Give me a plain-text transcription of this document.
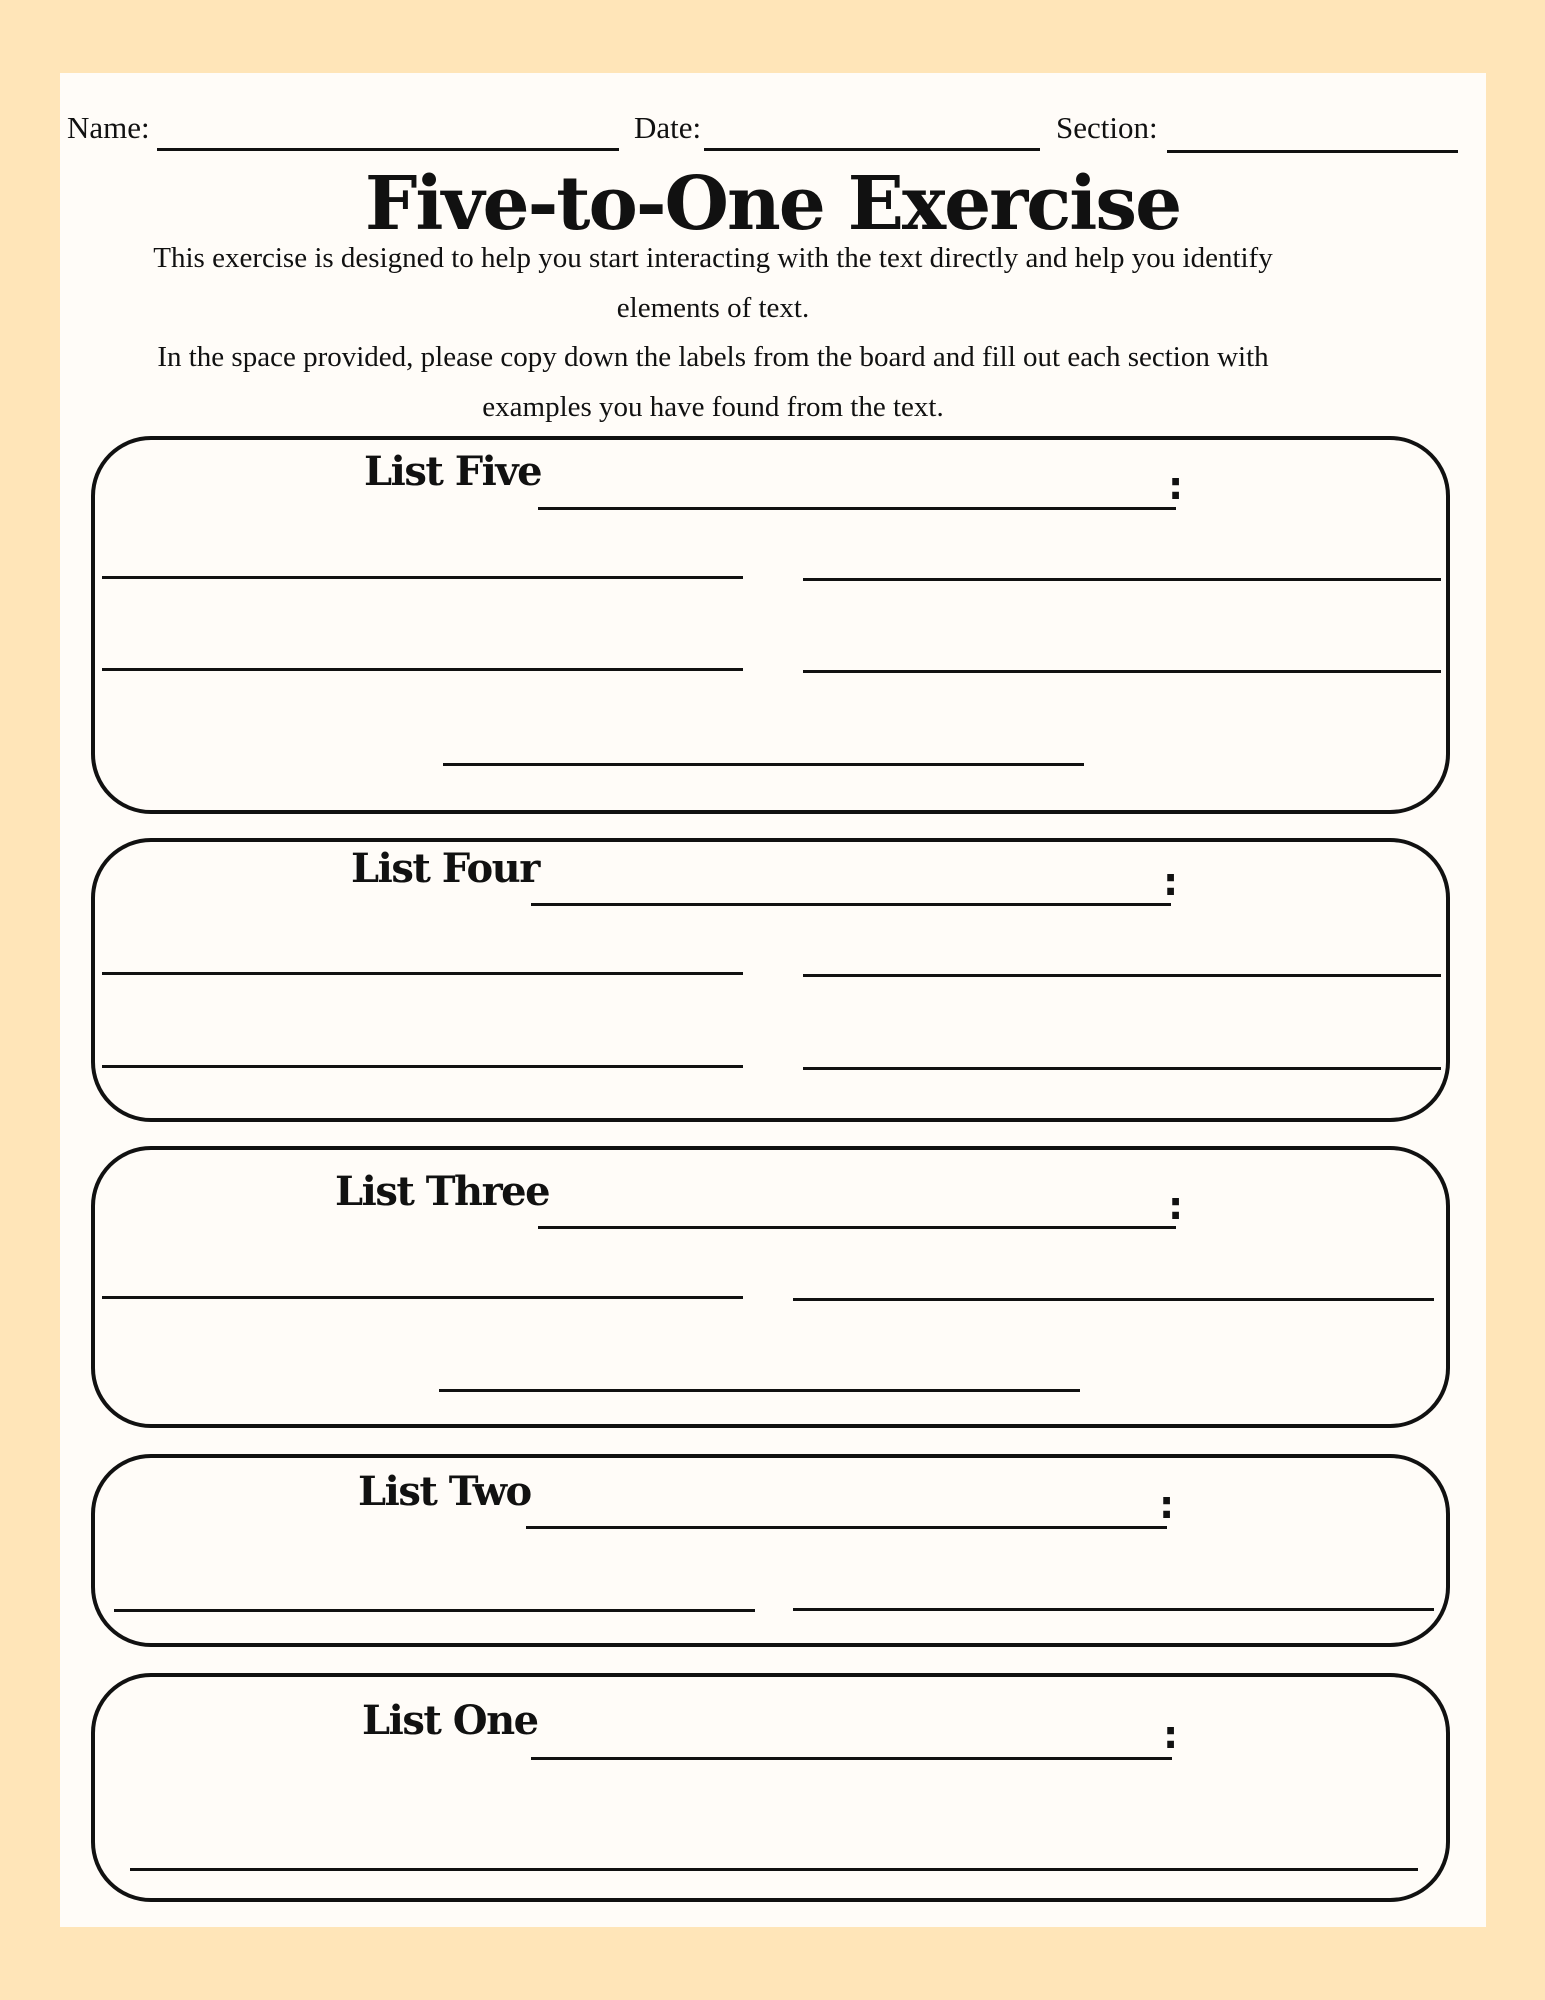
Name:	Date:	Section:
Five-to-One Exercise
This exercise is designed to help you start interacting with the text directly and help you identify elements of text.
In the space provided, please copy down the labels from the board and fill out each section with examples you have found from the text.
List Five	:
List Four	:
List Three	:
List Two	:
List One	:
